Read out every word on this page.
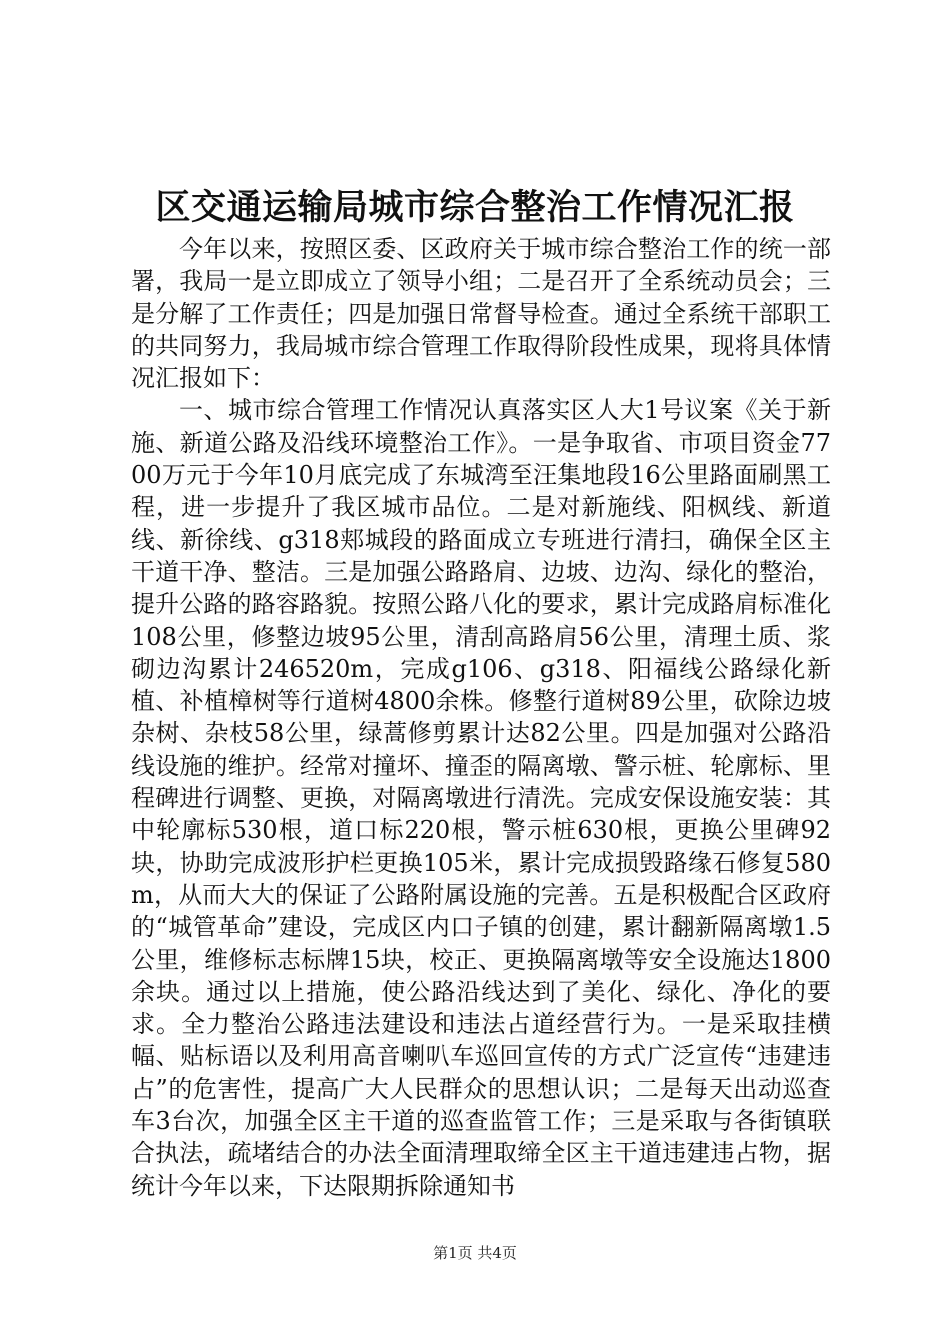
区交通运输局城市综合整治工作情况汇报

今年以来，按照区委、区政府关于城市综合整治工作的统一部署，我局一是立即成立了领导小组；二是召开了全系统动员会；三是分解了工作责任；四是加强日常督导检查。通过全系统干部职工的共同努力，我局城市综合管理工作取得阶段性成果，现将具体情况汇报如下：

一、城市综合管理工作情况认真落实区人大1号议案《关于新施、新道公路及沿线环境整治工作》。一是争取省、市项目资金7700万元于今年10月底完成了东城湾至汪集地段16公里路面刷黑工程，进一步提升了我区城市品位。二是对新施线、阳枫线、新道线、新徐线、g318郏城段的路面成立专班进行清扫，确保全区主干道干净、整洁。三是加强公路路肩、边坡、边沟、绿化的整治，提升公路的路容路貌。按照公路八化的要求，累计完成路肩标准化108公里，修整边坡95公里，清刮高路肩56公里，清理土质、浆砌边沟累计246520m，完成g106、g318、阳福线公路绿化新植、补植樟树等行道树4800余株。修整行道树89公里，砍除边坡杂树、杂枝58公里，绿蒿修剪累计达82公里。四是加强对公路沿线设施的维护。经常对撞坏、撞歪的隔离墩、警示桩、轮廓标、里程碑进行调整、更换，对隔离墩进行清洗。完成安保设施安装：其中轮廓标530根，道口标220根，警示桩630根，更换公里碑92块，协助完成波形护栏更换105米，累计完成损毁路缘石修复580m，从而大大的保证了公路附属设施的完善。五是积极配合区政府的“城管革命”建设，完成区内口子镇的创建，累计翻新隔离墩1.5公里，维修标志标牌15块，校正、更换隔离墩等安全设施达1800余块。通过以上措施，使公路沿线达到了美化、绿化、净化的要求。全力整治公路违法建设和违法占道经营行为。一是采取挂横幅、贴标语以及利用高音喇叭车巡回宣传的方式广泛宣传“违建违占”的危害性，提高广大人民群众的思想认识；二是每天出动巡查车3台次，加强全区主干道的巡查监管工作；三是采取与各街镇联合执法，疏堵结合的办法全面清理取缔全区主干道违建违占物，据统计今年以来，下达限期拆除通知书

第1页 共4页
